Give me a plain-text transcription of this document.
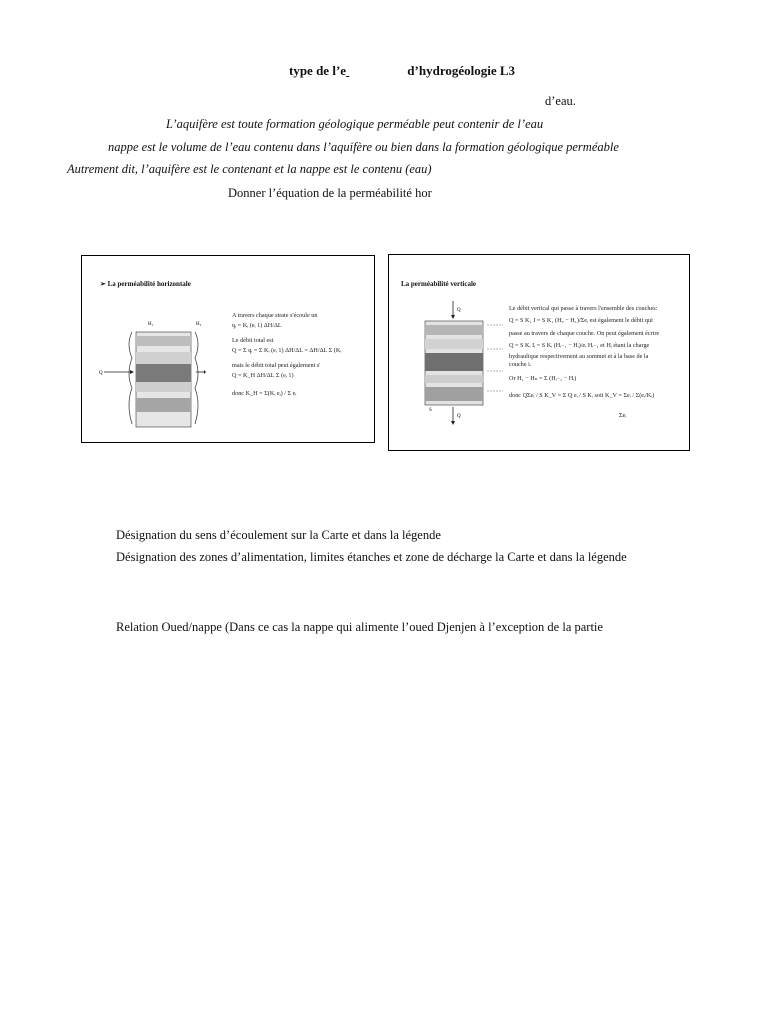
type de l’e	d’hydrogéologie L3
d’eau.
L’aquifère est toute formation géologique perméable peut contenir de l’eau
nappe est le volume de l’eau contenu dans l’aquifère ou bien dans la formation géologique perméable
Autrement dit, l’aquifère est le contenant et la nappe est le contenu (eau)
Donner l’équation de la perméabilité hor
➢ La perméabilité horizontale
H₁	H₂
Q
A travers chaque strate s'écoule un
qᵢ = Kᵢ (eᵢ 1) ΔH/ΔL
Le débit total est
Q = Σ qᵢ = Σ Kᵢ (eᵢ 1) ΔH/ΔL = ΔH/ΔL Σ (Kᵢ
mais le débit total peut également s'
Q = K_H ΔH/ΔL Σ (eᵢ 1)
donc K_H = Σ(Kᵢ eᵢ) / Σ eᵢ
La perméabilité verticale
Q
Q
S
Le débit vertical qui passe à travers l'ensemble des couches:
Q = S K₁ I = S K₁ (H₀ − H₁)/Σeᵢ est également le débit qui
passe au travers de chaque couche. On peut également écrire
Q = S Kᵢ Iᵢ = S Kᵢ (Hᵢ₋₁ − Hᵢ)/eᵢ Hᵢ₋₁ et Hᵢ étant la charge
hydraulique respectivement au sommet et à la base de la
couche i.
Or H₁ − Hₙ = Σ (Hᵢ₋₁ − Hᵢ)
donc QΣeᵢ / S K_V = Σ Q eᵢ / S Kᵢ soit K_V = Σeᵢ / Σ(eᵢ/Kᵢ)
Σeᵢ
Désignation du sens d’écoulement sur la Carte et dans la légende
Désignation des zones d’alimentation, limites étanches et zone de décharge la Carte et dans la légende
Relation Oued/nappe (Dans ce cas la nappe qui alimente l’oued Djenjen à l’exception de la partie
